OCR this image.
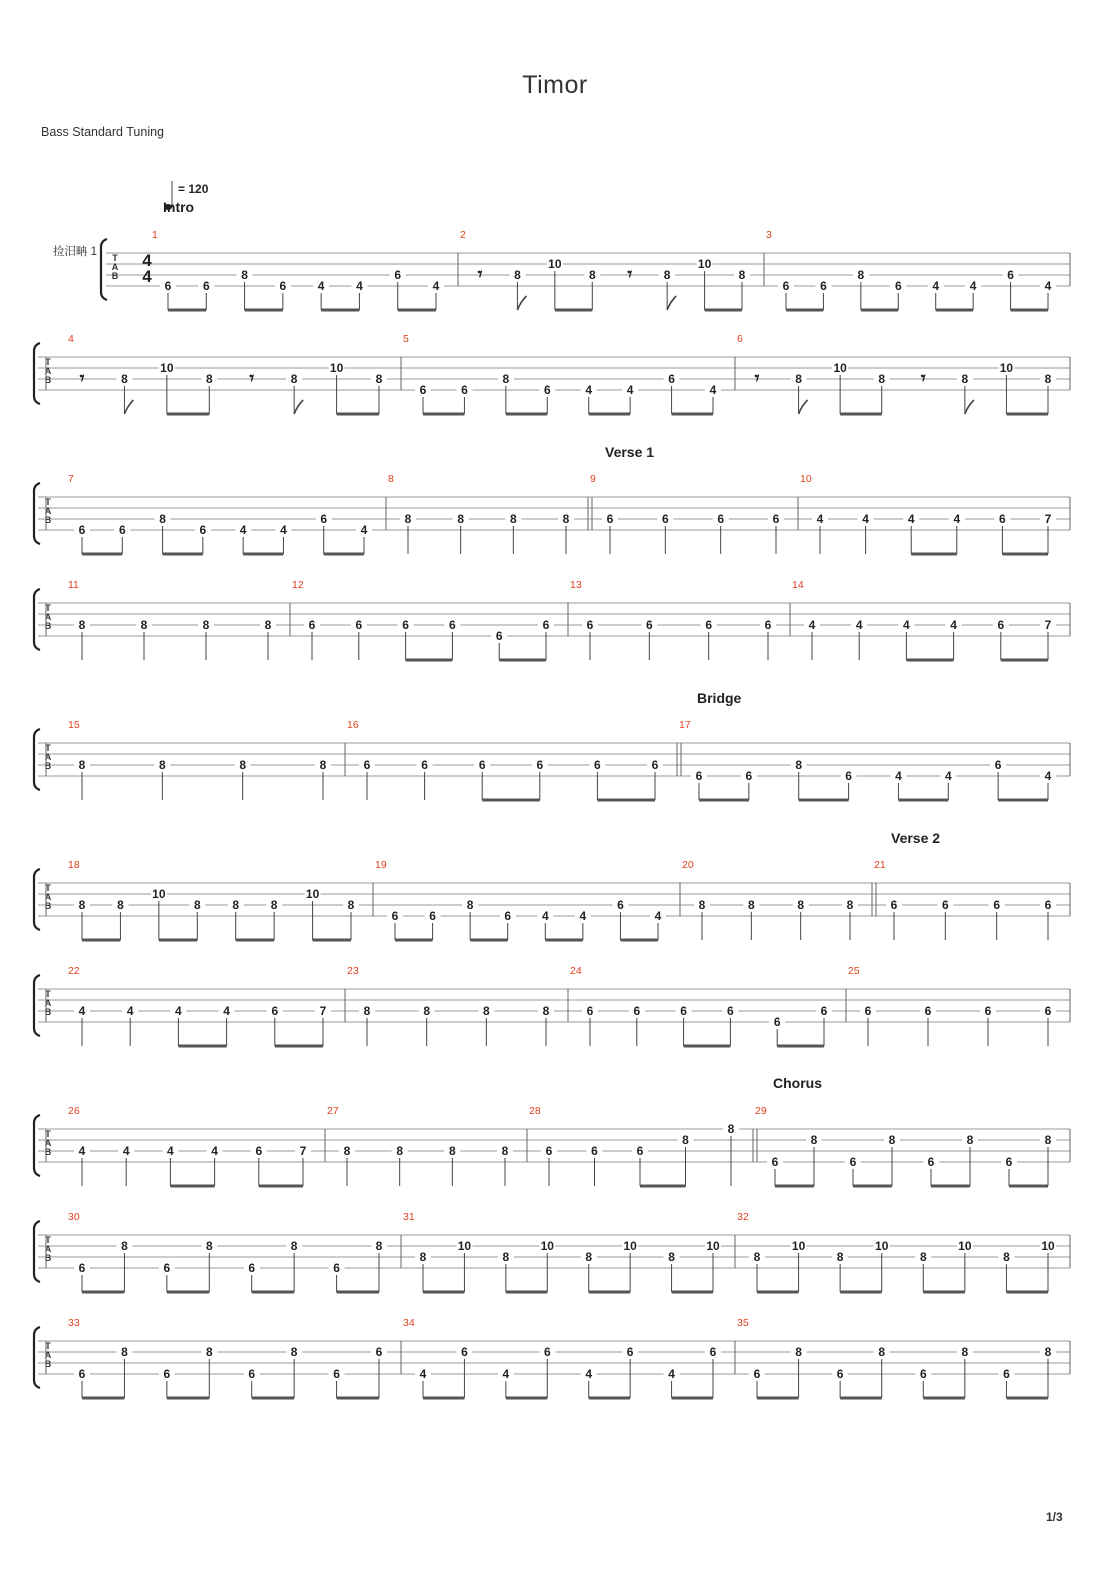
Timor
Bass Standard Tuning
= 120
捡汨畘 1
Intro
Verse 1
Bridge
Verse 2
Chorus
T
A
B
4
4
1
6	6
8
6	4	4
6
4
2
𝄾	8
10
8 𝄾	8
10
8
3
6	6
8
6	4	4
6
4
T
A
B
4
𝄾	8
10
8 𝄾	8
10
8
5
6	6
8
6	4	4
6
4
6
𝄾	8
10
8 𝄾	8
10
8
T
A
B
7
6	6
8
6	4	4
6
4
8
8	8	8	8
9
6	6	6	6
10
4	4	4	4	6	7
T
A
B
11
8	8	8	8
12
6	6	6	6
6
6
13
6	6	6	6
14
4	4	4	4	6	7
T
A
B
15
8	8	8	8
16
6	6	6	6	6	6
17
6	6
8
6	4	4
6
4
T
A
B
18
8	8
10
8	8	8
10
8
19
6	6
8
6	4	4
6
4
20
8	8	8	8
21
6	6	6	6
T
A
B
22
4	4	4	4	6	7
23
8	8	8	8
24
6	6	6	6
6
6
25
6	6	6	6
T
A
B
26
4	4	4	4	6	7
27
8	8	8	8
28
6	6	6
8
8
29
6
8
6
8
6
8
6
8
T
A
B
30
6
8
6
8
6
8
6
8
31
8
10
8
10
8
10
8
10
32
8
10
8
10
8
10
8
10
T
A
B
33
6
8
6
8
6
8
6
6
34
4
6
4
6
4
6
4
6
35
6
8
6
8
6
8
6
8
1/3
